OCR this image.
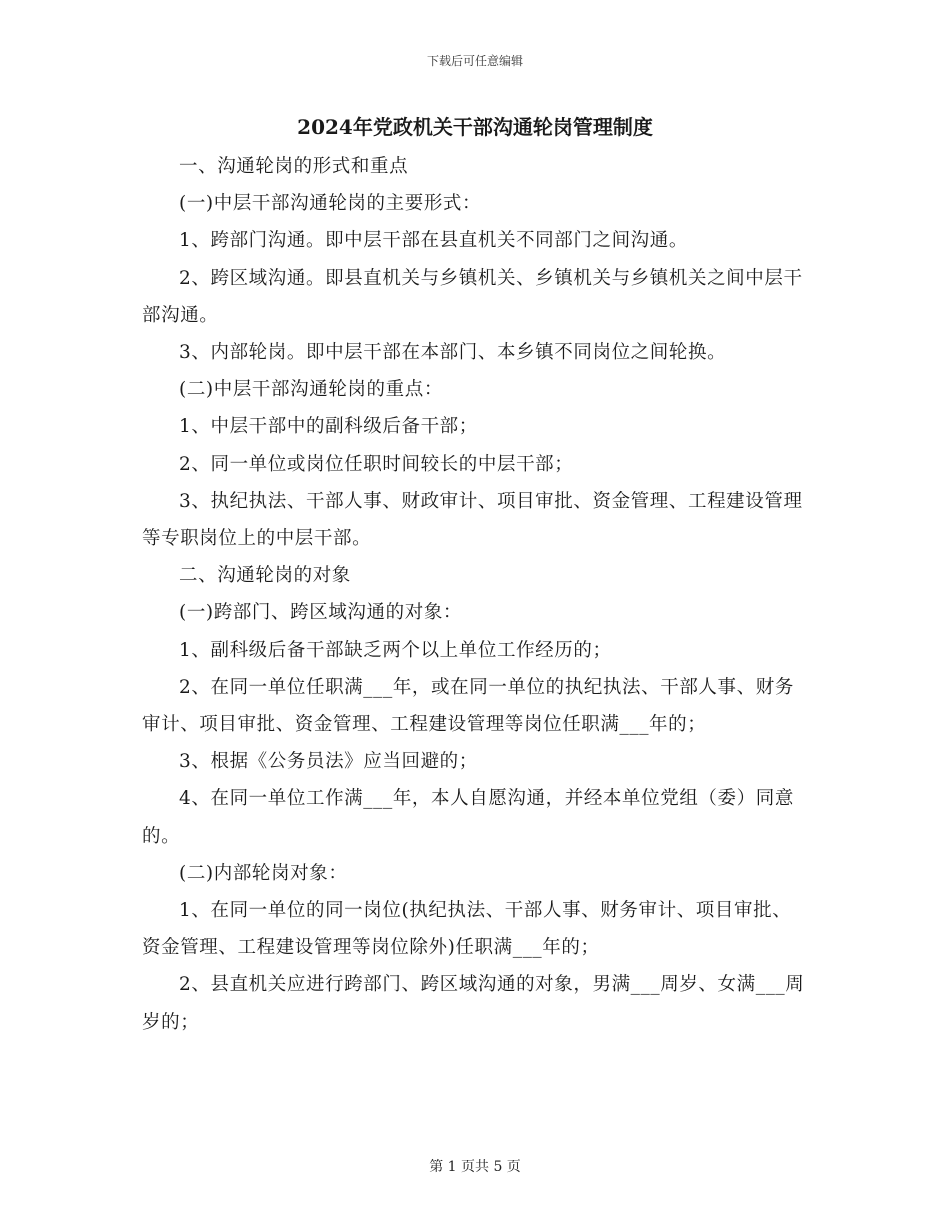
下载后可任意编辑
2024年党政机关干部沟通轮岗管理制度

一、沟通轮岗的形式和重点

(一)中层干部沟通轮岗的主要形式：

1、跨部门沟通。即中层干部在县直机关不同部门之间沟通。

2、跨区域沟通。即县直机关与乡镇机关、乡镇机关与乡镇机关之间中层干部沟通。

3、内部轮岗。即中层干部在本部门、本乡镇不同岗位之间轮换。

(二)中层干部沟通轮岗的重点：

1、中层干部中的副科级后备干部；

2、同一单位或岗位任职时间较长的中层干部；

3、执纪执法、干部人事、财政审计、项目审批、资金管理、工程建设管理等专职岗位上的中层干部。

二、沟通轮岗的对象

(一)跨部门、跨区域沟通的对象：

1、副科级后备干部缺乏两个以上单位工作经历的；

2、在同一单位任职满___年，或在同一单位的执纪执法、干部人事、财务审计、项目审批、资金管理、工程建设管理等岗位任职满___年的；

3、根据《公务员法》应当回避的；

4、在同一单位工作满___年，本人自愿沟通，并经本单位党组（委）同意的。

(二)内部轮岗对象：

1、在同一单位的同一岗位(执纪执法、干部人事、财务审计、项目审批、资金管理、工程建设管理等岗位除外)任职满___年的；

2、县直机关应进行跨部门、跨区域沟通的对象，男满___周岁、女满___周岁的；

第 1 页共 5 页
